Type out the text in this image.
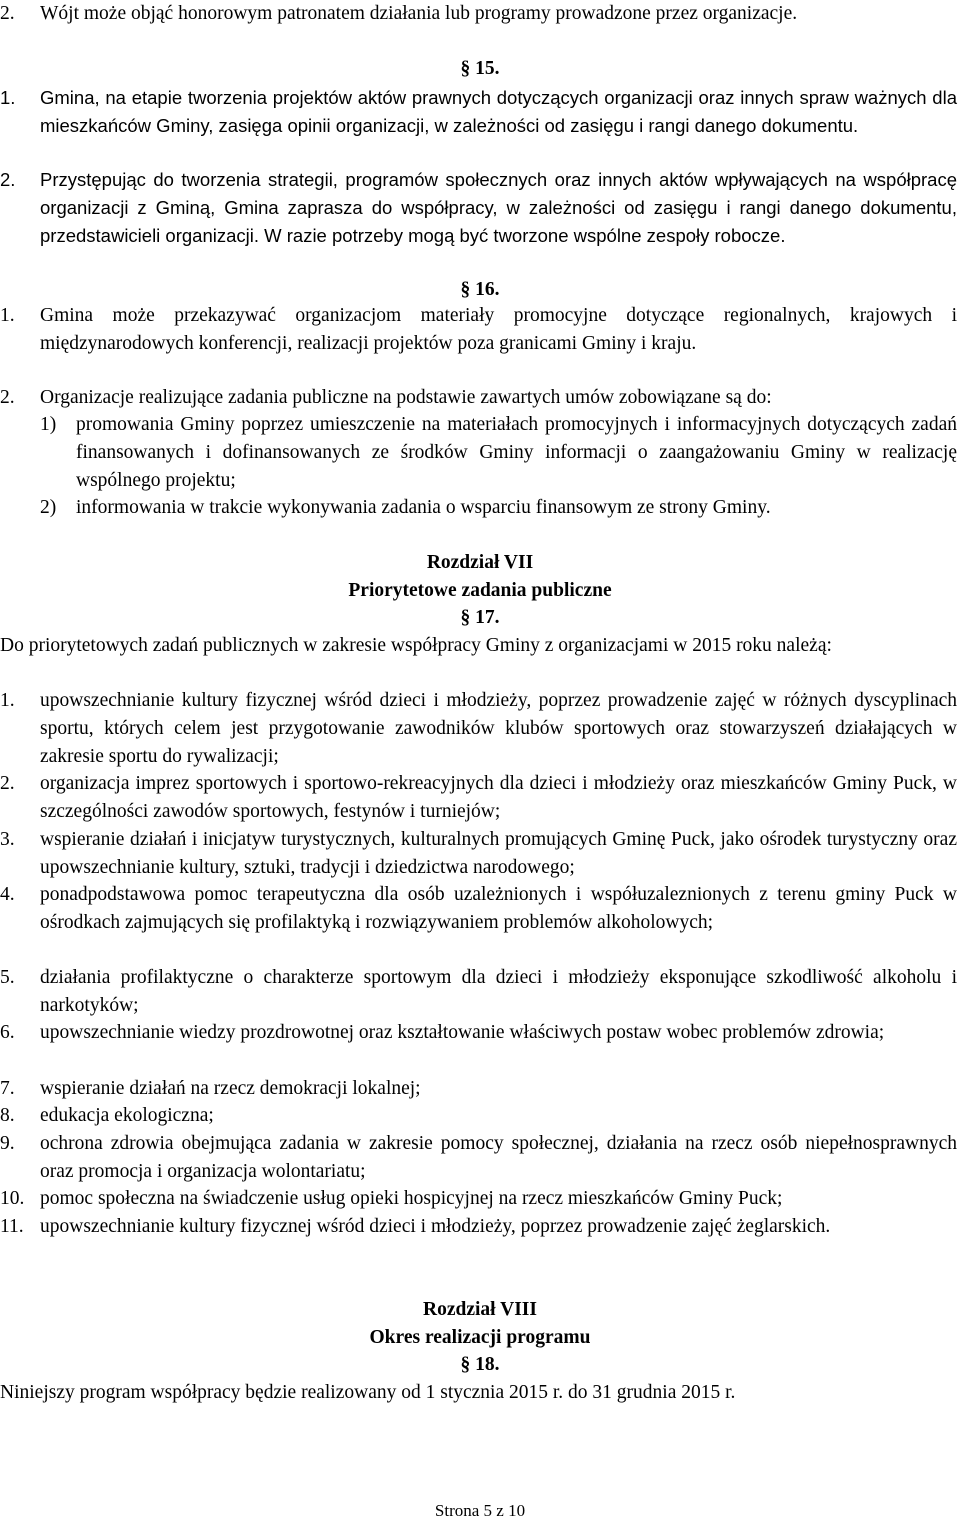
2. Wójt może objąć honorowym patronatem działania lub programy prowadzone przez organizacje.
§ 15.
1. Gmina, na etapie tworzenia projektów aktów prawnych dotyczących organizacji oraz innych spraw ważnych dla mieszkańców Gminy, zasięga opinii organizacji, w zależności od zasięgu i rangi danego dokumentu.
2. Przystępując do tworzenia strategii, programów społecznych oraz innych aktów wpływających na współpracę organizacji z Gminą, Gmina zaprasza do współpracy, w zależności od zasięgu i rangi danego dokumentu, przedstawicieli organizacji. W razie potrzeby mogą być tworzone wspólne zespoły robocze.
§ 16.
1. Gmina może przekazywać organizacjom materiały promocyjne dotyczące regionalnych, krajowych i międzynarodowych konferencji, realizacji projektów poza granicami Gminy i kraju.
2. Organizacje realizujące zadania publiczne na podstawie zawartych umów zobowiązane są do:
1) promowania Gminy poprzez umieszczenie na materiałach promocyjnych i informacyjnych dotyczących zadań finansowanych i dofinansowanych ze środków Gminy informacji o zaangażowaniu Gminy w realizację wspólnego projektu;
2) informowania w trakcie wykonywania zadania o wsparciu finansowym ze strony Gminy.
Rozdział VII
Priorytetowe zadania publiczne
§ 17.
Do priorytetowych zadań publicznych w zakresie współpracy Gminy z organizacjami w 2015 roku należą:
1. upowszechnianie kultury fizycznej wśród dzieci i młodzieży, poprzez prowadzenie zajęć w różnych dyscyplinach sportu, których celem jest przygotowanie zawodników klubów sportowych oraz stowarzyszeń działających w zakresie sportu do rywalizacji;
2. organizacja imprez sportowych i sportowo-rekreacyjnych dla dzieci i młodzieży oraz mieszkańców Gminy Puck, w szczególności zawodów sportowych, festynów i turniejów;
3. wspieranie działań i inicjatyw turystycznych, kulturalnych promujących Gminę Puck, jako ośrodek turystyczny oraz upowszechnianie kultury, sztuki, tradycji i dziedzictwa narodowego;
4. ponadpodstawowa pomoc terapeutyczna dla osób uzależnionych i współuzaleznionych z terenu gminy Puck w ośrodkach zajmujących się profilaktyką i rozwiązywaniem problemów alkoholowych;
5. działania profilaktyczne o charakterze sportowym dla dzieci i młodzieży eksponujące szkodliwość alkoholu i narkotyków;
6. upowszechnianie wiedzy prozdrowotnej oraz kształtowanie właściwych postaw wobec problemów zdrowia;
7. wspieranie działań na rzecz demokracji lokalnej;
8. edukacja ekologiczna;
9. ochrona zdrowia obejmująca zadania w zakresie pomocy społecznej, działania na rzecz osób niepełnosprawnych oraz promocja i organizacja wolontariatu;
10. pomoc społeczna na świadczenie usług opieki hospicyjnej na rzecz mieszkańców Gminy Puck;
11. upowszechnianie kultury fizycznej wśród dzieci i młodzieży, poprzez prowadzenie zajęć żeglarskich.
Rozdział VIII
Okres realizacji programu
§ 18.
Niniejszy program współpracy będzie realizowany od 1 stycznia 2015 r. do 31 grudnia 2015 r.
Strona 5 z 10
